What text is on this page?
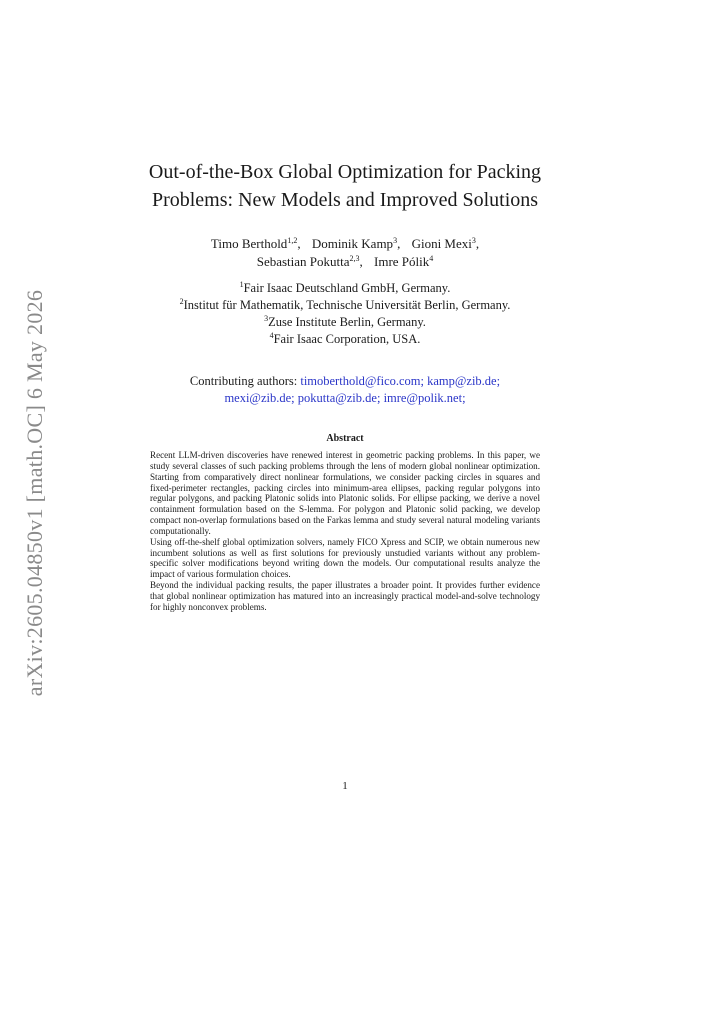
arXiv:2605.04850v1 [math.OC] 6 May 2026
Out-of-the-Box Global Optimization for Packing
Problems: New Models and Improved Solutions
Timo Berthold$^{1,2}$, Dominik Kamp$^3$, Gioni Mexi$^3$,
Sebastian Pokutta$^{2,3}$, Imre Pólik$^4$
$^1$Fair Isaac Deutschland GmbH, Germany.
$^2$Institut für Mathematik, Technische Universität Berlin, Germany.
$^3$Zuse Institute Berlin, Germany.
$^4$Fair Isaac Corporation, USA.
Contributing authors: timoberthold@fico.com; kamp@zib.de;
mexi@zib.de; pokutta@zib.de; imre@polik.net;
Abstract

Recent LLM-driven discoveries have renewed interest in geometric packing problems. In this paper, we study several classes of such packing problems through the lens of modern global nonlinear optimization. Starting from comparatively direct nonlinear formulations, we consider packing circles in squares and fixed-perimeter rectangles, packing circles into minimum-area ellipses, packing regular polygons into regular polygons, and packing Platonic solids into Platonic solids. For ellipse packing, we derive a novel containment formulation based on the S-lemma. For polygon and Platonic solid packing, we develop compact non-overlap formulations based on the Farkas lemma and study several natural modeling variants computationally.

Using off-the-shelf global optimization solvers, namely FICO Xpress and SCIP, we obtain numerous new incumbent solutions as well as first solutions for previously unstudied variants without any problem-specific solver modifications beyond writing down the models. Our computational results analyze the impact of various formulation choices.

Beyond the individual packing results, the paper illustrates a broader point. It provides further evidence that global nonlinear optimization has matured into an increasingly practical model-and-solve technology for highly nonconvex problems.

1
